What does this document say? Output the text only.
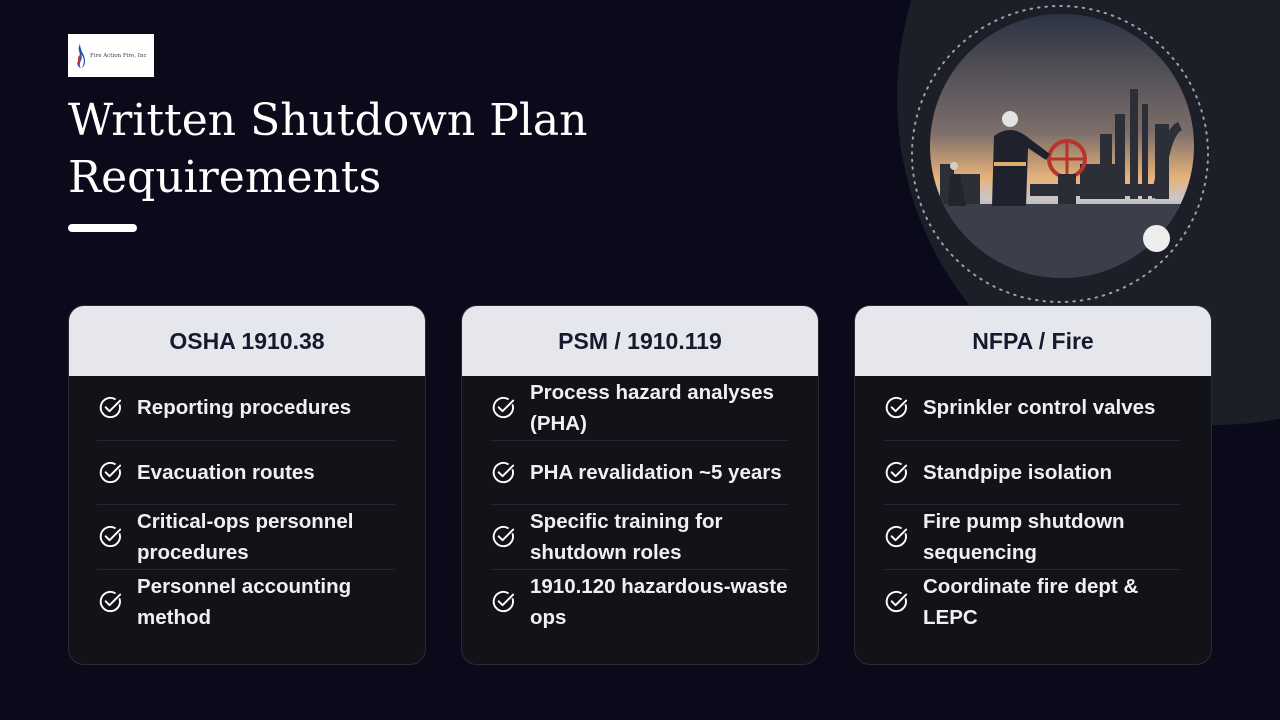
Fire Action Fire, Inc
Written Shutdown Plan Requirements
OSHA 1910.38
Reporting procedures
Evacuation routes
Critical-ops personnel procedures
Personnel accounting method
PSM / 1910.119
Process hazard analyses (PHA)
PHA revalidation ~5 years
Specific training for shutdown roles
1910.120 hazardous-waste ops
NFPA / Fire
Sprinkler control valves
Standpipe isolation
Fire pump shutdown sequencing
Coordinate fire dept & LEPC
